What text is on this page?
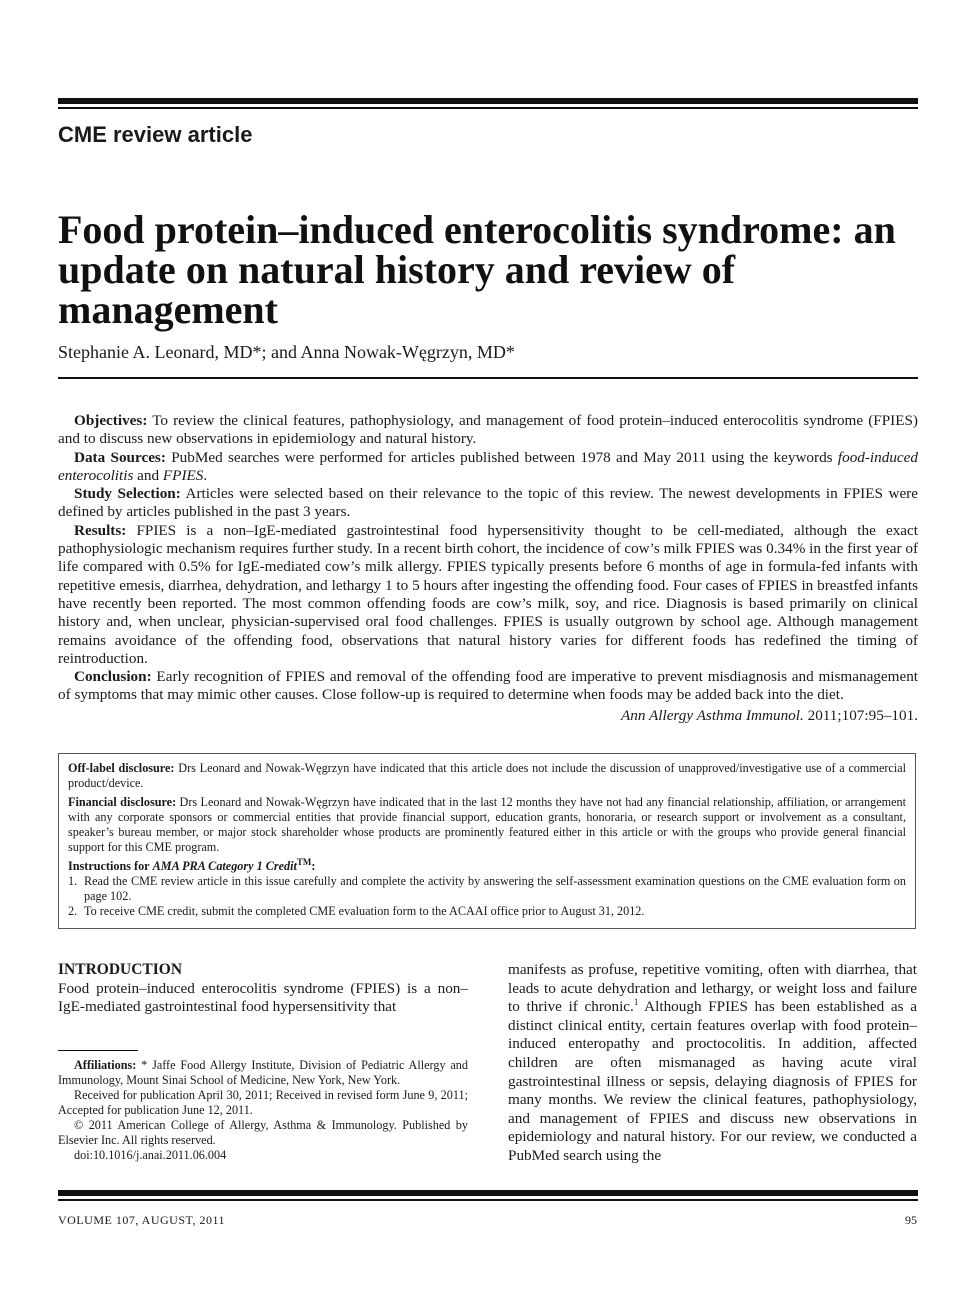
CME review article
Food protein–induced enterocolitis syndrome: an update on natural history and review of management
Stephanie A. Leonard, MD*; and Anna Nowak-Węgrzyn, MD*

Objectives: To review the clinical features, pathophysiology, and management of food protein–induced enterocolitis syndrome (FPIES) and to discuss new observations in epidemiology and natural history.

Data Sources: PubMed searches were performed for articles published between 1978 and May 2011 using the keywords food-induced enterocolitis and FPIES.

Study Selection: Articles were selected based on their relevance to the topic of this review. The newest developments in FPIES were defined by articles published in the past 3 years.

Results: FPIES is a non–IgE-mediated gastrointestinal food hypersensitivity thought to be cell-mediated, although the exact pathophysiologic mechanism requires further study. In a recent birth cohort, the incidence of cow’s milk FPIES was 0.34% in the first year of life compared with 0.5% for IgE-mediated cow’s milk allergy. FPIES typically presents before 6 months of age in formula-fed infants with repetitive emesis, diarrhea, dehydration, and lethargy 1 to 5 hours after ingesting the offending food. Four cases of FPIES in breastfed infants have recently been reported. The most common offending foods are cow’s milk, soy, and rice. Diagnosis is based primarily on clinical history and, when unclear, physician-supervised oral food challenges. FPIES is usually outgrown by school age. Although management remains avoidance of the offending food, observations that natural history varies for different foods has redefined the timing of reintroduction.

Conclusion: Early recognition of FPIES and removal of the offending food are imperative to prevent misdiagnosis and mismanagement of symptoms that may mimic other causes. Close follow-up is required to determine when foods may be added back into the diet.

Ann Allergy Asthma Immunol. 2011;107:95–101.

Off-label disclosure: Drs Leonard and Nowak-Węgrzyn have indicated that this article does not include the discussion of unapproved/investigative use of a commercial product/device.

Financial disclosure: Drs Leonard and Nowak-Węgrzyn have indicated that in the last 12 months they have not had any financial relationship, affiliation, or arrangement with any corporate sponsors or commercial entities that provide financial support, education grants, honoraria, or research support or involvement as a consultant, speaker’s bureau member, or major stock shareholder whose products are prominently featured either in this article or with the groups who provide general financial support for this CME program.

Instructions for AMA PRA Category 1 Credit™:

1. Read the CME review article in this issue carefully and complete the activity by answering the self-assessment examination questions on the CME evaluation form on page 102.
2. To receive CME credit, submit the completed CME evaluation form to the ACAAI office prior to August 31, 2012.

INTRODUCTION

Food protein–induced enterocolitis syndrome (FPIES) is a non–IgE-mediated gastrointestinal food hypersensitivity that

Affiliations: * Jaffe Food Allergy Institute, Division of Pediatric Allergy and Immunology, Mount Sinai School of Medicine, New York, New York.

Received for publication April 30, 2011; Received in revised form June 9, 2011; Accepted for publication June 12, 2011.

© 2011 American College of Allergy, Asthma & Immunology. Published by Elsevier Inc. All rights reserved.

doi:10.1016/j.anai.2011.06.004

manifests as profuse, repetitive vomiting, often with diarrhea, that leads to acute dehydration and lethargy, or weight loss and failure to thrive if chronic.$^1$ Although FPIES has been established as a distinct clinical entity, certain features overlap with food protein–induced enteropathy and proctocolitis. In addition, affected children are often mismanaged as having acute viral gastrointestinal illness or sepsis, delaying diagnosis of FPIES for many months. We review the clinical features, pathophysiology, and management of FPIES and discuss new observations in epidemiology and natural history. For our review, we conducted a PubMed search using the

VOLUME 107, AUGUST, 2011	95
